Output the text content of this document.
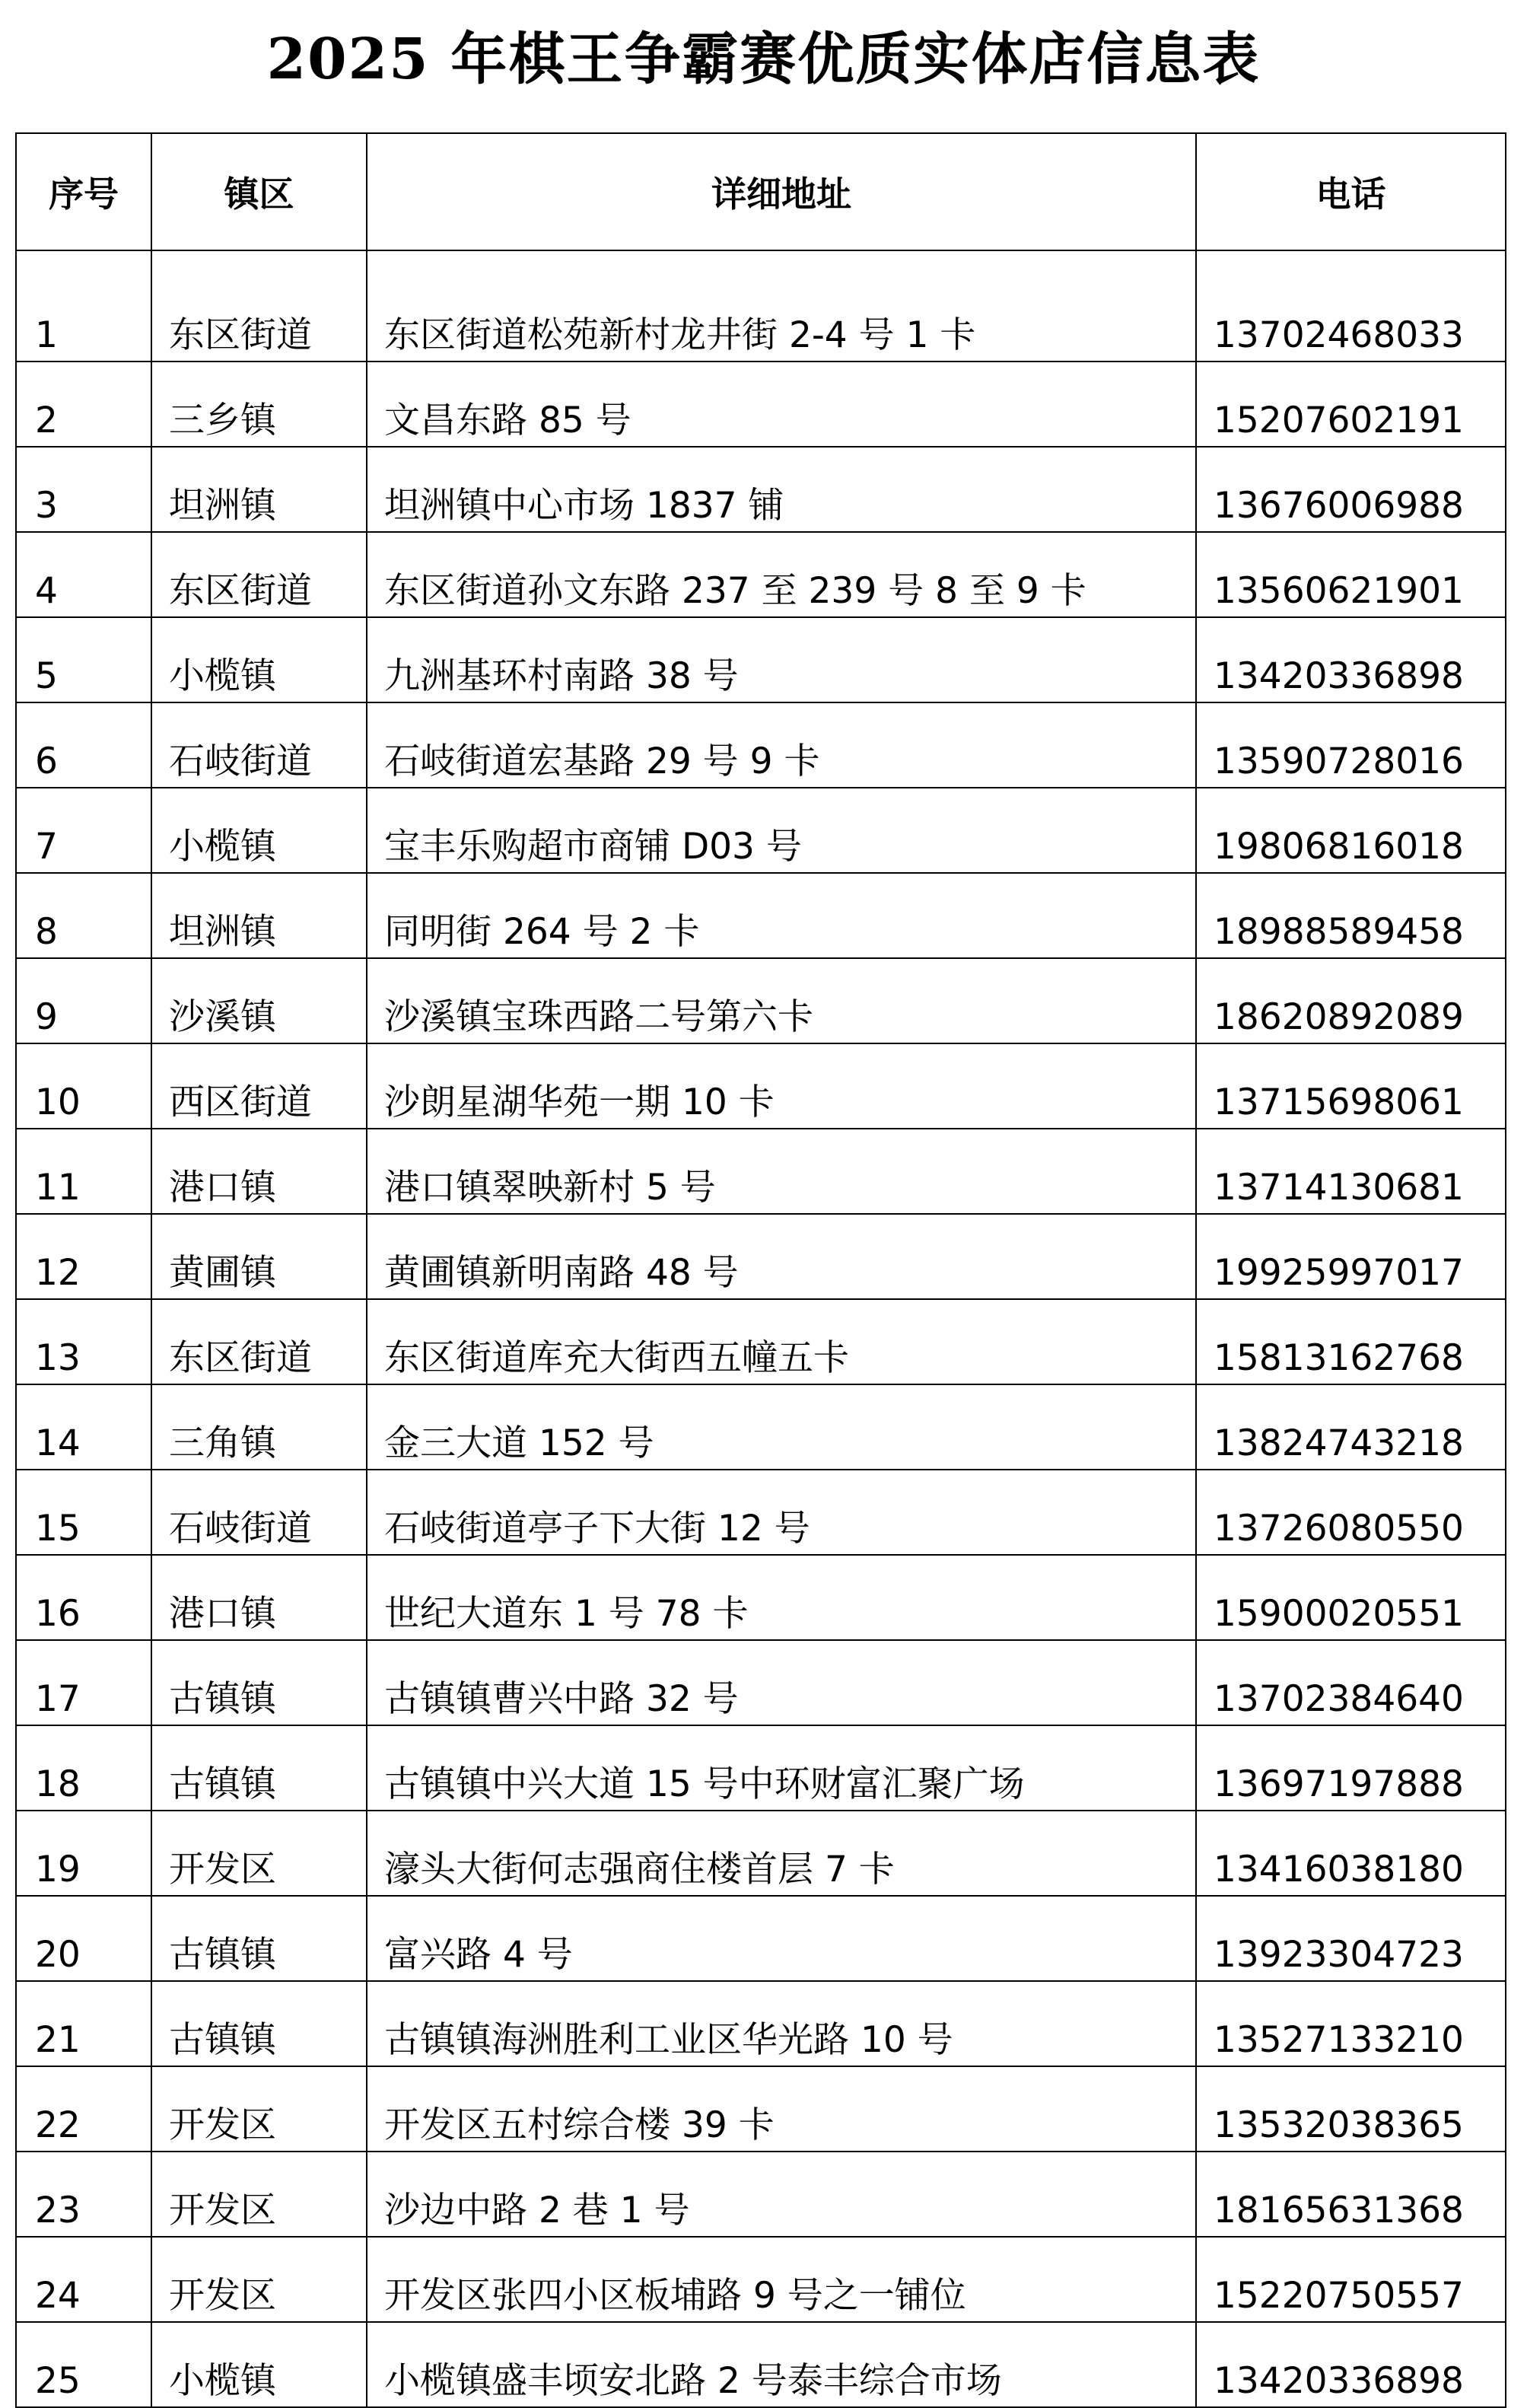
2025 年棋王争霸赛优质实体店信息表
序号	镇区	详细地址	电话
1	东区街道	东区街道松苑新村龙井街 2-4 号 1 卡	13702468033
2	三乡镇	文昌东路 85 号	15207602191
3	坦洲镇	坦洲镇中心市场 1837 铺	13676006988
4	东区街道	东区街道孙文东路 237 至 239 号 8 至 9 卡	13560621901
5	小榄镇	九洲基环村南路 38 号	13420336898
6	石岐街道	石岐街道宏基路 29 号 9 卡	13590728016
7	小榄镇	宝丰乐购超市商铺 D03 号	19806816018
8	坦洲镇	同明街 264 号 2 卡	18988589458
9	沙溪镇	沙溪镇宝珠西路二号第六卡	18620892089
10	西区街道	沙朗星湖华苑一期 10 卡	13715698061
11	港口镇	港口镇翠映新村 5 号	13714130681
12	黄圃镇	黄圃镇新明南路 48 号	19925997017
13	东区街道	东区街道库充大街西五幢五卡	15813162768
14	三角镇	金三大道 152 号	13824743218
15	石岐街道	石岐街道亭子下大街 12 号	13726080550
16	港口镇	世纪大道东 1 号 78 卡	15900020551
17	古镇镇	古镇镇曹兴中路 32 号	13702384640
18	古镇镇	古镇镇中兴大道 15 号中环财富汇聚广场	13697197888
19	开发区	濠头大街何志强商住楼首层 7 卡	13416038180
20	古镇镇	富兴路 4 号	13923304723
21	古镇镇	古镇镇海洲胜利工业区华光路 10 号	13527133210
22	开发区	开发区五村综合楼 39 卡	13532038365
23	开发区	沙边中路 2 巷 1 号	18165631368
24	开发区	开发区张四小区板埔路 9 号之一铺位	15220750557
25	小榄镇	小榄镇盛丰顷安北路 2 号泰丰综合市场	13420336898
